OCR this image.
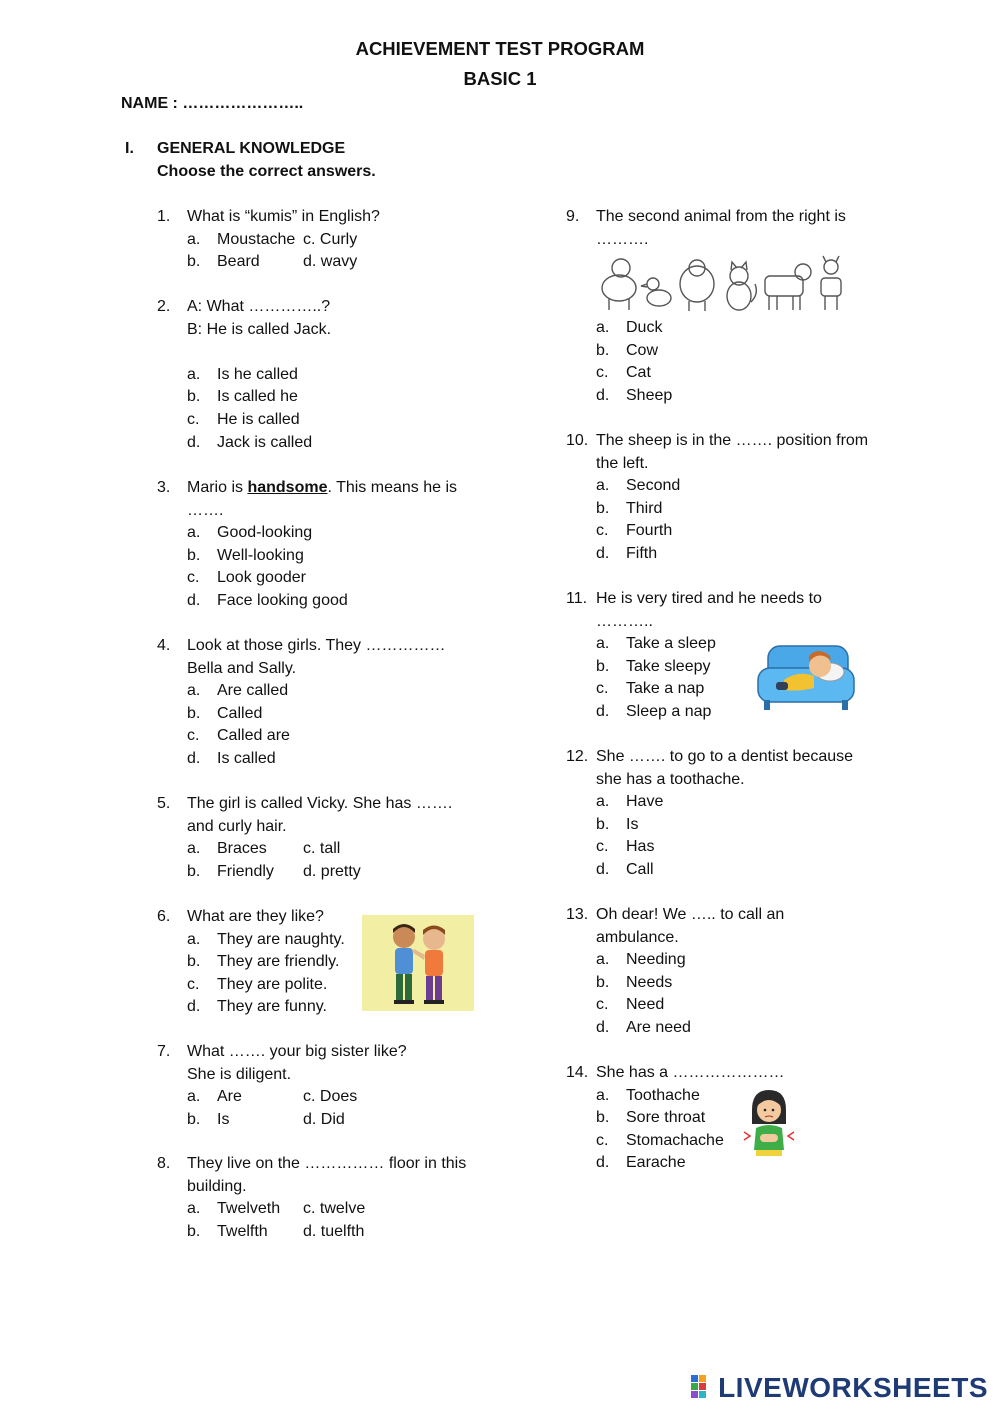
ACHIEVEMENT TEST PROGRAM
BASIC 1
NAME : …………………..
I. GENERAL KNOWLEDGE
Choose the correct answers.
1. What is “kumis” in English?
a. Moustache c. Curly
b. Beard	d. wavy
2. A: What …………..?
B: He is called Jack.
a. Is he called
b. Is called he
c. He is called
d. Jack is called
3. Mario is handsome. This means he is
…….
a. Good-looking
b. Well-looking
c. Look gooder
d. Face looking good
4. Look at those girls. They ……………
Bella and Sally.
a. Are called
b. Called
c. Called are
d. Is called
5. The girl is called Vicky. She has …….
and curly hair.
a. Braces c. tall
b. Friendly d. pretty
6. What are they like?
a. They are naughty.
b. They are friendly.
c. They are polite.
d. They are funny.
7. What ……. your big sister like?
She is diligent.
a. Are	c. Does
b. Is	d. Did
8. They live on the …………… floor in this
building.
a. Twelveth c. twelve
b. Twelfth d. tuelfth
9. The second animal from the right is
……….
a. Duck
b. Cow
c. Cat
d. Sheep
10. The sheep is in the ……. position from
the left.
a. Second
b. Third
c. Fourth
d. Fifth
11. He is very tired and he needs to
………..
a. Take a sleep
b. Take sleepy
c. Take a nap
d. Sleep a nap
12. She ……. to go to a dentist because
she has a toothache.
a. Have
b. Is
c. Has
d. Call
13. Oh dear! We ….. to call an
ambulance.
a. Needing
b. Needs
c. Need
d. Are need
14. She has a …………………
a. Toothache
b. Sore throat
c. Stomachache
d. Earache
LIVEWORKSHEETS
